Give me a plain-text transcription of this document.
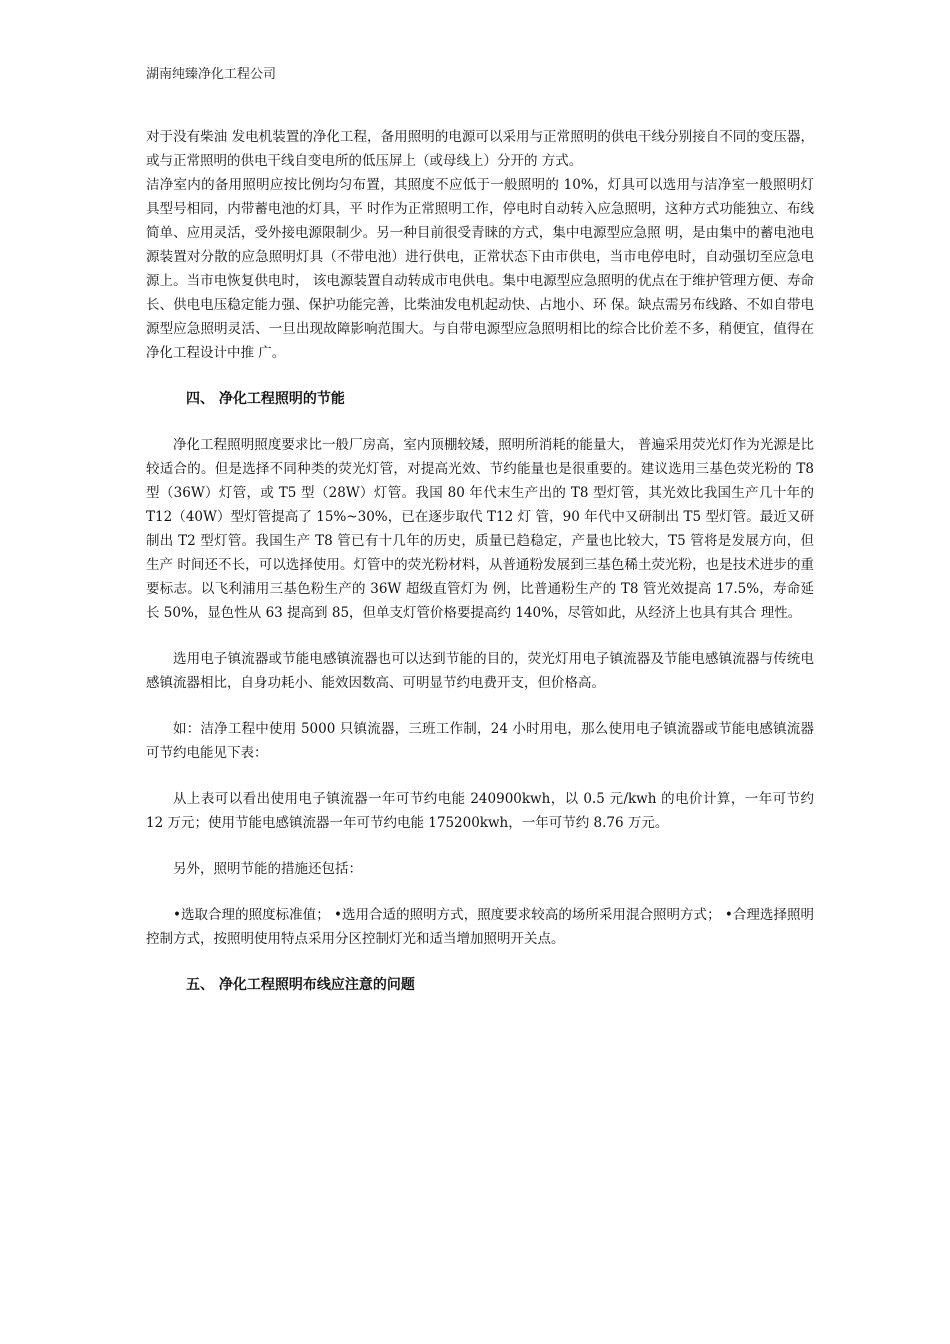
湖南纯臻净化工程公司

对于没有柴油 发电机装置的净化工程，备用照明的电源可以采用与正常照明的供电干线分别接自不同的变压器，或与正常照明的供电干线自变电所的低压屏上（或母线上）分开的 方式。

洁净室内的备用照明应按比例均匀布置，其照度不应低于一般照明的 10%，灯具可以选用与洁净室一般照明灯具型号相同，内带蓄电池的灯具，平 时作为正常照明工作，停电时自动转入应急照明，这种方式功能独立、布线简单、应用灵活，受外接电源限制少。另一种目前很受青睐的方式，集中电源型应急照 明，是由集中的蓄电池电源装置对分散的应急照明灯具（不带电池）进行供电，正常状态下由市供电，当市电停电时，自动强切至应急电源上。当市电恢复供电时， 该电源装置自动转成市电供电。集中电源型应急照明的优点在于维护管理方便、寿命长、供电电压稳定能力强、保护功能完善，比柴油发电机起动快、占地小、环 保。缺点需另布线路、不如自带电源型应急照明灵活、一旦出现故障影响范围大。与自带电源型应急照明相比的综合比价差不多，稍便宜，值得在净化工程设计中推 广。

四、 净化工程照明的节能

净化工程照明照度要求比一般厂房高，室内顶棚较矮，照明所消耗的能量大， 普遍采用荧光灯作为光源是比较适合的。但是选择不同种类的荧光灯管，对提高光效、节约能量也是很重要的。建议选用三基色荧光粉的 T8 型（36W）灯管，或 T5 型（28W）灯管。我国 80 年代末生产出的 T8 型灯管，其光效比我国生产几十年的 T12（40W）型灯管提高了 15%~30%，已在逐步取代 T12 灯 管，90 年代中又研制出 T5 型灯管。最近又研制出 T2 型灯管。我国生产 T8 管已有十几年的历史，质量已趋稳定，产量也比较大，T5 管将是发展方向，但生产 时间还不长，可以选择使用。灯管中的荧光粉材料，从普通粉发展到三基色稀土荧光粉，也是技术进步的重要标志。以飞利浦用三基色粉生产的 36W 超级直管灯为 例，比普通粉生产的 T8 管光效提高 17.5%，寿命延长 50%，显色性从 63 提高到 85，但单支灯管价格要提高约 140%，尽管如此，从经济上也具有其合 理性。

选用电子镇流器或节能电感镇流器也可以达到节能的目的，荧光灯用电子镇流器及节能电感镇流器与传统电感镇流器相比，自身功耗小、能效因数高、可明显节约电费开支，但价格高。

如：洁净工程中使用 5000 只镇流器，三班工作制，24 小时用电，那么使用电子镇流器或节能电感镇流器可节约电能见下表：

从上表可以看出使用电子镇流器一年可节约电能 240900kwh，以 0.5 元/kwh 的电价计算，一年可节约 12 万元；使用节能电感镇流器一年可节约电能 175200kwh，一年可节约 8.76 万元。

另外，照明节能的措施还包括：

•选取合理的照度标准值； •选用合适的照明方式，照度要求较高的场所采用混合照明方式； •合理选择照明控制方式，按照明使用特点采用分区控制灯光和适当增加照明开关点。

五、 净化工程照明布线应注意的问题
